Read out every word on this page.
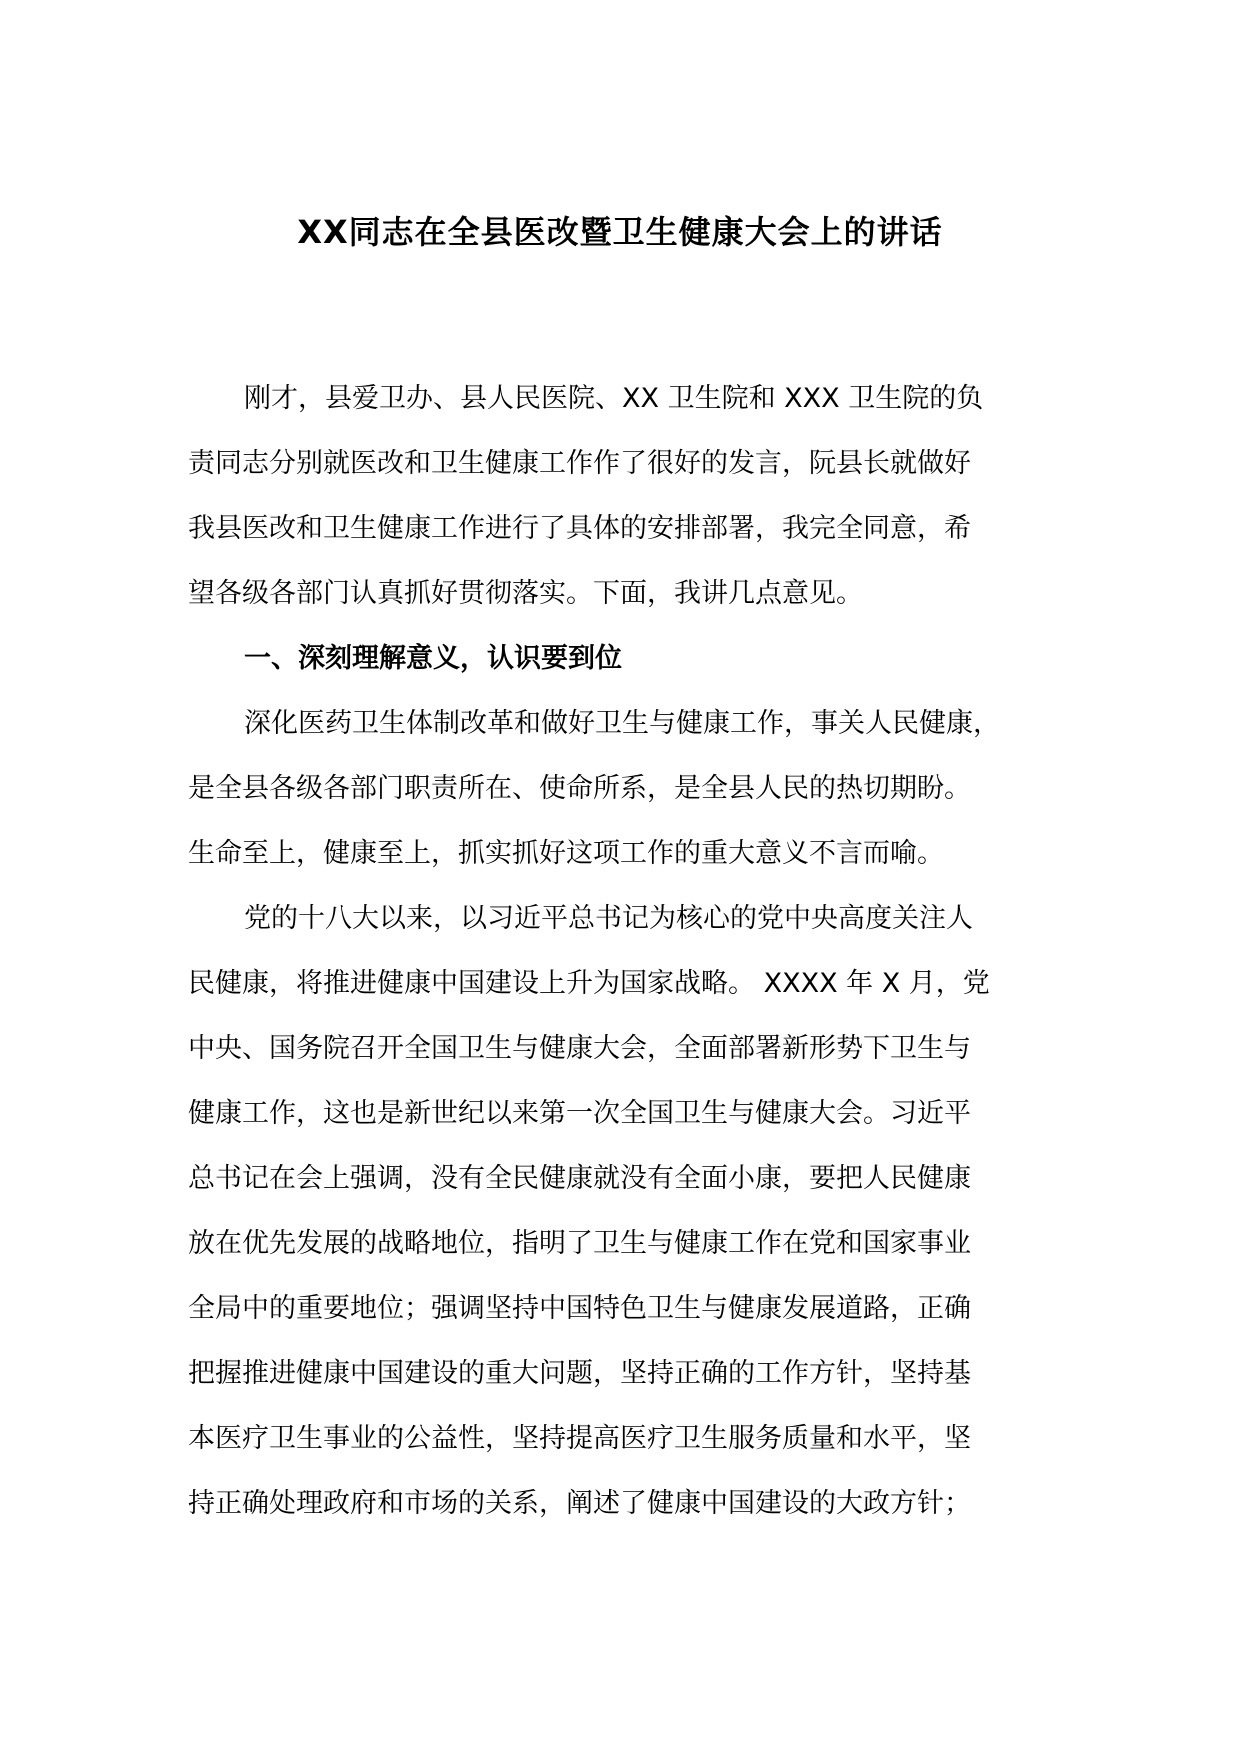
XX同志在全县医改暨卫生健康大会上的讲话
刚才，县爱卫办、县人民医院、XX 卫生院和 XXX 卫生院的负
责同志分别就医改和卫生健康工作作了很好的发言，阮县长就做好
我县医改和卫生健康工作进行了具体的安排部署，我完全同意，希
望各级各部门认真抓好贯彻落实。下面，我讲几点意见。
一、深刻理解意义，认识要到位
深化医药卫生体制改革和做好卫生与健康工作，事关人民健康，
是全县各级各部门职责所在、使命所系，是全县人民的热切期盼。
生命至上，健康至上，抓实抓好这项工作的重大意义不言而喻。
党的十八大以来，以习近平总书记为核心的党中央高度关注人
民健康，将推进健康中国建设上升为国家战略。 XXXX 年 X 月，党
中央、国务院召开全国卫生与健康大会，全面部署新形势下卫生与
健康工作，这也是新世纪以来第一次全国卫生与健康大会。习近平
总书记在会上强调，没有全民健康就没有全面小康，要把人民健康
放在优先发展的战略地位，指明了卫生与健康工作在党和国家事业
全局中的重要地位；强调坚持中国特色卫生与健康发展道路，正确
把握推进健康中国建设的重大问题，坚持正确的工作方针，坚持基
本医疗卫生事业的公益性，坚持提高医疗卫生服务质量和水平，坚
持正确处理政府和市场的关系，阐述了健康中国建设的大政方针；
